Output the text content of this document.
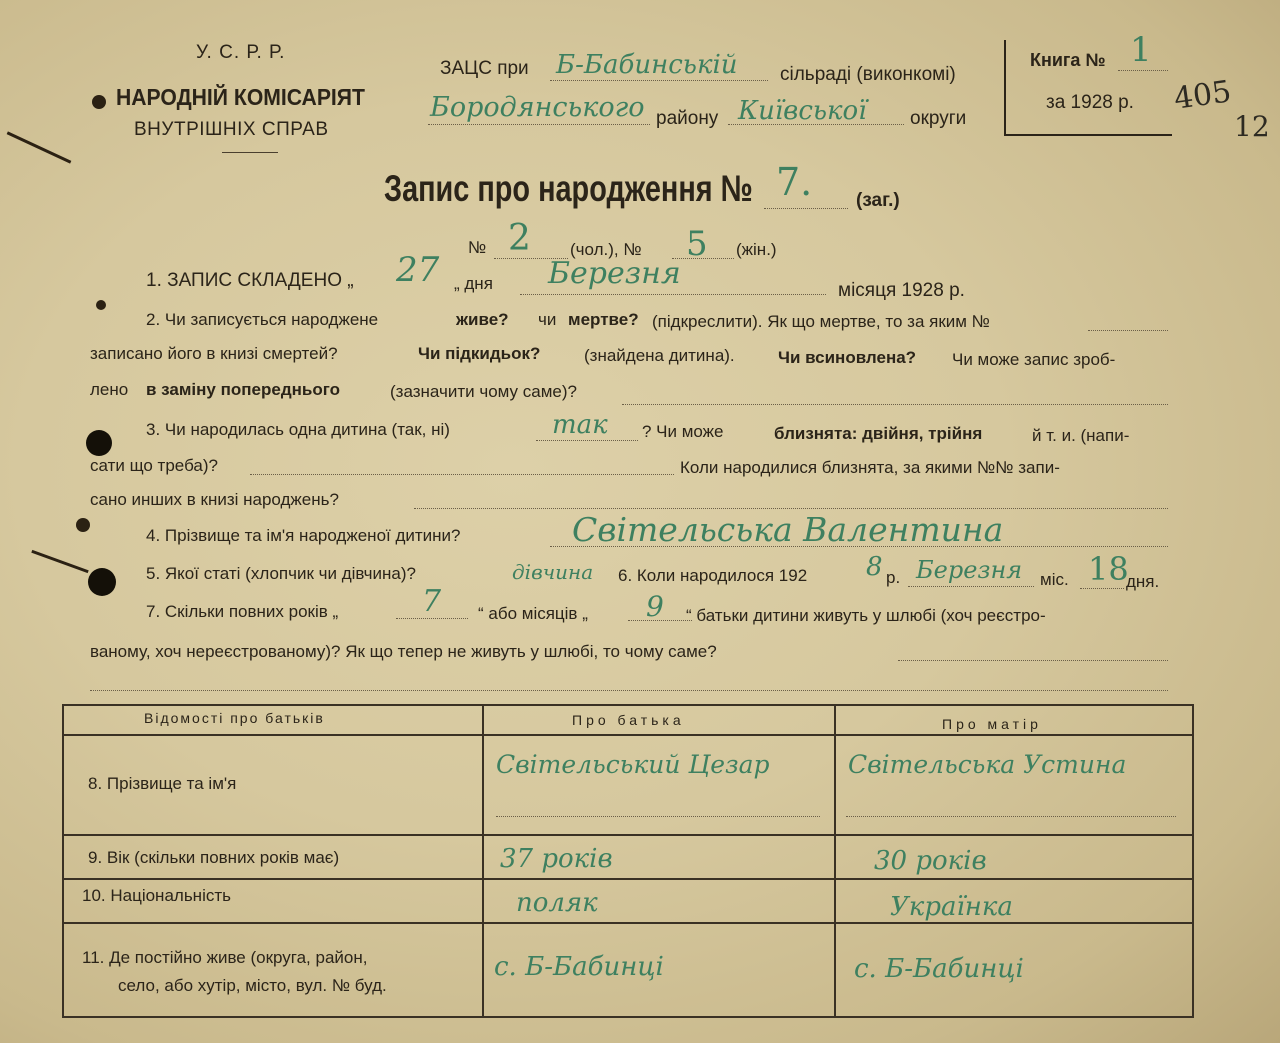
У. С. Р. Р.
НАРОДНІЙ КОМІСАРІЯТ
ВНУТРІШНІХ СПРАВ
ЗАЦС при Б-Бабинській сільраді (виконкомі)
Бородянського району Київської округи
Книга № 1
за 1928 р. 405
12
Запис про народження № 7. (заг.)
№ 2 (чол.), № 5 (жін.)
1. ЗАПИС СКЛАДЕНО „ 27 „ дня Березня	місяця 1928 р.
2. Чи записується народжене	живе? чи мертве? (підкреслити). Як що мертве, то за яким №
записано його в книзі смертей?	Чи підкидьок?	(знайдена дитина).	Чи всиновлена? Чи може запис зроб-
лено в заміну попереднього	(зазначити чому саме)?
3. Чи народилась одна дитина (так, ні)	так ? Чи може	близнята: двійня, трійня	й т. и. (напи-
сати що треба)?	Коли народилися близнята, за якими №№ запи-
сано инших в книзі народжень?
4. Прізвище та ім'я народженої дитини?	Світельська Валентина
5. Якої статі (хлопчик чи дівчина)?	дівчина 6. Коли народилося 192 8 р. Березня міс. 18
дня.
7. Скільки повних років „	7 “ або місяців „ 9 “ батьки дитини живуть у шлюбі (хоч реєстро-
ваному, хоч нереєстрованому)? Як що тепер не живуть у шлюбі, то чому саме?
Відомості про батьків	Про батька	Про матір
8. Прізвище та ім'я
Світельський Цезар	Світельська Устина
9. Вік (скільки повних років має)	37 років	30 років
10. Національність	поляк	Українка
11. Де постійно живе (округа, район,
село, або хутір, місто, вул. № буд.
с. Б-Бабинці	с. Б-Бабинці
